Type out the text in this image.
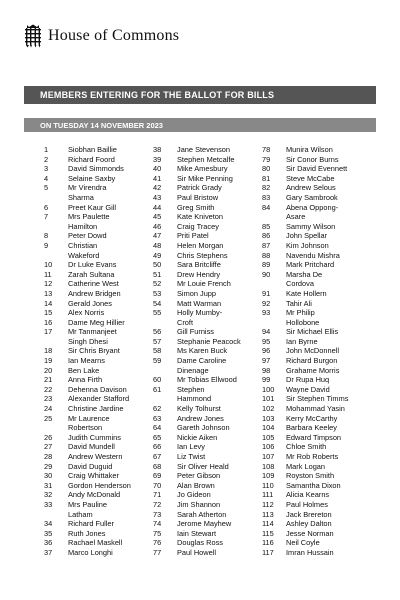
House of Commons
MEMBERS ENTERING FOR THE BALLOT FOR BILLS
ON TUESDAY 14 NOVEMBER 2023
1	Siobhan Baillie
2	Richard Foord
3	David Simmonds
4	Selaine Saxby
5	Mr Virendra
Sharma
6	Preet Kaur Gill
7	Mrs Paulette
Hamilton
8	Peter Dowd
9	Christian
Wakeford
10	Dr Luke Evans
11	Zarah Sultana
12	Catherine West
13	Andrew Bridgen
14	Gerald Jones
15	Alex Norris
16	Dame Meg Hillier
17	Mr Tanmanjeet
Singh Dhesi
18	Sir Chris Bryant
19	Ian Mearns
20	Ben Lake
21	Anna Firth
22	Dehenna Davison
23	Alexander Stafford
24	Christine Jardine
25	Mr Laurence
Robertson
26	Judith Cummins
27	David Mundell
28	Andrew Western
29	David Duguid
30	Craig Whittaker
31	Gordon Henderson
32	Andy McDonald
33	Mrs Pauline
Latham
34	Richard Fuller
35	Ruth Jones
36	Rachael Maskell
37	Marco Longhi
38	Jane Stevenson
39	Stephen Metcalfe
40	Mike Amesbury
41	Sir Mike Penning
42	Patrick Grady
43	Paul Bristow
44	Greg Smith
45	Kate Kniveton
46	Craig Tracey
47	Priti Patel
48	Helen Morgan
49	Chris Stephens
50	Sara Britcliffe
51	Drew Hendry
52	Mr Louie French
53	Simon Jupp
54	Matt Warman
55	Holly Mumby-
Croft
56	Gill Furniss
57	Stephanie Peacock
58	Ms Karen Buck
59	Dame Caroline
Dinenage
60	Mr Tobias Ellwood
61	Stephen
Hammond
62	Kelly Tolhurst
63	Andrew Jones
64	Gareth Johnson
65	Nickie Aiken
66	Ian Levy
67	Liz Twist
68	Sir Oliver Heald
69	Peter Gibson
70	Alan Brown
71	Jo Gideon
72	Jim Shannon
73	Sarah Atherton
74	Jerome Mayhew
75	Iain Stewart
76	Douglas Ross
77	Paul Howell
78	Munira Wilson
79	Sir Conor Burns
80	Sir David Evennett
81	Steve McCabe
82	Andrew Selous
83	Gary Sambrook
84	Abena Oppong-
Asare
85	Sammy Wilson
86	John Spellar
87	Kim Johnson
88	Navendu Mishra
89	Mark Pritchard
90	Marsha De
Cordova
91	Kate Hollern
92	Tahir Ali
93	Mr Philip
Hollobone
94	Sir Michael Ellis
95	Ian Byrne
96	John McDonnell
97	Richard Burgon
98	Grahame Morris
99	Dr Rupa Huq
100	Wayne David
101	Sir Stephen Timms
102	Mohammad Yasin
103	Kerry McCarthy
104	Barbara Keeley
105	Edward Timpson
106	Chloe Smith
107	Mr Rob Roberts
108	Mark Logan
109	Royston Smith
110	Samantha Dixon
111	Alicia Kearns
112	Paul Holmes
113	Jack Brereton
114	Ashley Dalton
115	Jesse Norman
116	Neil Coyle
117	Imran Hussain
